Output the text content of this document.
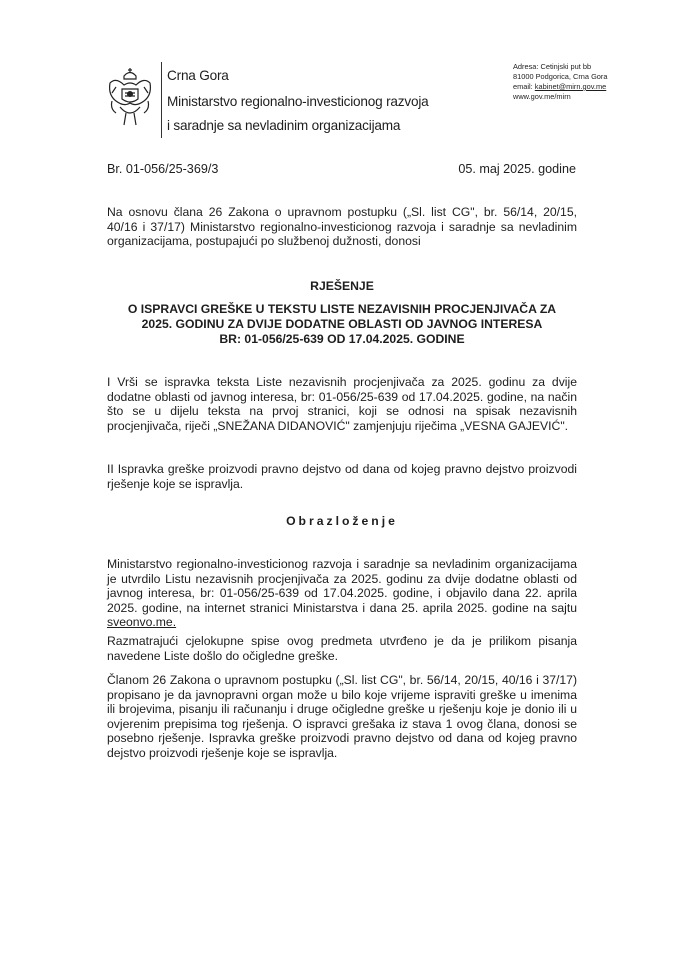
Crna Gora
Ministarstvo regionalno-investicionog razvoja
i saradnje sa nevladinim organizacijama
Adresa: Cetinjski put bb
81000 Podgorica, Crna Gora
email: kabinet@mirn.gov.me
www.gov.me/mirn
Br. 01-056/25-369/3	05. maj 2025. godine
Na osnovu člana 26 Zakona o upravnom postupku („Sl. list CG", br. 56/14, 20/15, 40/16 i 37/17) Ministarstvo regionalno-investicionog razvoja i saradnje sa nevladinim organizacijama, postupajući po službenoj dužnosti, donosi
RJEŠENJE
O ISPRAVCI GREŠKE U TEKSTU LISTE NEZAVISNIH PROCJENJIVAČA ZA
2025. GODINU ZA DVIJE DODATNE OBLASTI OD JAVNOG INTERESA
BR: 01-056/25-639 OD 17.04.2025. GODINE
I Vrši se ispravka teksta Liste nezavisnih procjenjivača za 2025. godinu za dvije dodatne oblasti od javnog interesa, br: 01-056/25-639 od 17.04.2025. godine, na način što se u dijelu teksta na prvoj stranici, koji se odnosi na spisak nezavisnih procjenjivača, riječi „SNEŽANA DIDANOVIĆ" zamjenjuju riječima „VESNA GAJEVIĆ".
II Ispravka greške proizvodi pravno dejstvo od dana od kojeg pravno dejstvo proizvodi rješenje koje se ispravlja.
Obrazloženje
Ministarstvo regionalno-investicionog razvoja i saradnje sa nevladinim organizacijama je utvrdilo Listu nezavisnih procjenjivača za 2025. godinu za dvije dodatne oblasti od javnog interesa, br: 01-056/25-639 od 17.04.2025. godine, i objavilo dana 22. aprila 2025. godine, na internet stranici Ministarstva i dana 25. aprila 2025. godine na sajtu sveonvo.me.
Razmatrajući cjelokupne spise ovog predmeta utvrđeno je da je prilikom pisanja navedene Liste došlo do očigledne greške.
Članom 26 Zakona o upravnom postupku („Sl. list CG", br. 56/14, 20/15, 40/16 i 37/17) propisano je da javnopravni organ može u bilo koje vrijeme ispraviti greške u imenima ili brojevima, pisanju ili računanju i druge očigledne greške u rješenju koje je donio ili u ovjerenim prepisima tog rješenja. O ispravci grešaka iz stava 1 ovog člana, donosi se posebno rješenje. Ispravka greške proizvodi pravno dejstvo od dana od kojeg pravno dejstvo proizvodi rješenje koje se ispravlja.
